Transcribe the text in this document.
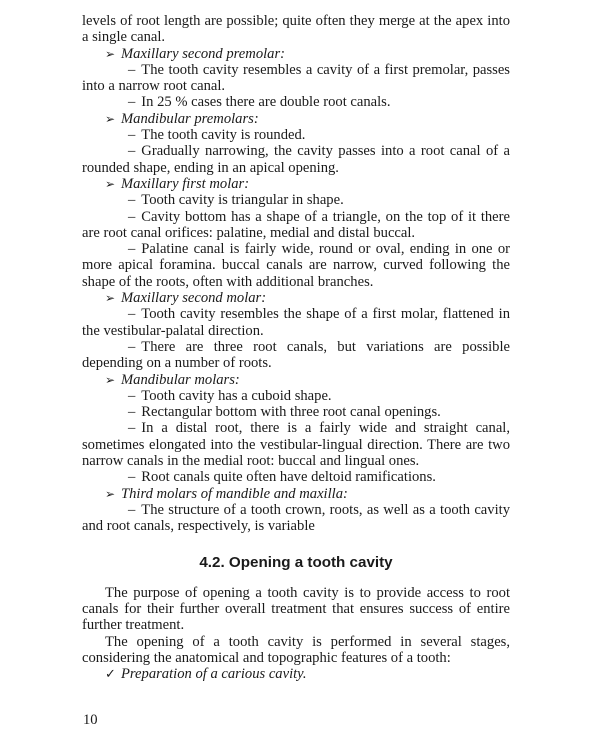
levels of root length are possible; quite often they merge at the apex into a single canal.

➢ Maxillary second premolar:

– The tooth cavity resembles a cavity of a first premolar, passes into a narrow root canal.

– In 25 % cases there are double root canals.

➢ Mandibular premolars:

– The tooth cavity is rounded.

– Gradually narrowing, the cavity passes into a root canal of a rounded shape, ending in an apical opening.

➢ Maxillary first molar:

– Tooth cavity is triangular in shape.

– Cavity bottom has a shape of a triangle, on the top of it there are root canal orifices: palatine, medial and distal buccal.

– Palatine canal is fairly wide, round or oval, ending in one or more apical foramina. buccal canals are narrow, curved following the shape of the roots, often with additional branches.

➢ Maxillary second molar:

– Tooth cavity resembles the shape of a first molar, flattened in the vestibular-palatal direction.

– There are three root canals, but variations are possible depending on a number of roots.

➢ Mandibular molars:

– Tooth cavity has a cuboid shape.

– Rectangular bottom with three root canal openings.

– In a distal root, there is a fairly wide and straight canal, sometimes elongated into the vestibular-lingual direction. There are two narrow canals in the medial root: buccal and lingual ones.

– Root canals quite often have deltoid ramifications.

➢ Third molars of mandible and maxilla:

– The structure of a tooth crown, roots, as well as a tooth cavity and root canals, respectively, is variable

4.2. Opening a tooth cavity

The purpose of opening a tooth cavity is to provide access to root canals for their further overall treatment that ensures success of entire further treatment.

The opening of a tooth cavity is performed in several stages, considering the anatomical and topographic features of a tooth:

✓ Preparation of a carious cavity.

10
